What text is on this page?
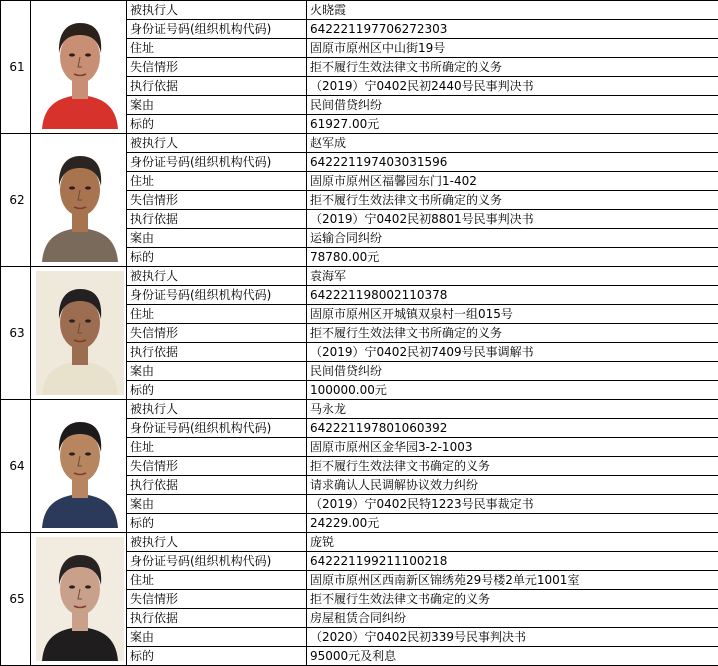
61		被执行人	火晓霞
		身份证号码(组织机构代码)	642221197706272303
		住址	固原市原州区中山街19号
		失信情形	拒不履行生效法律文书所确定的义务
		执行依据	（2019）宁0402民初2440号民事判决书
		案由	民间借贷纠纷
		标的	61927.00元
62		被执行人	赵军成
		身份证号码(组织机构代码)	642221197403031596
		住址	固原市原州区福馨园东门1-402
		失信情形	拒不履行生效法律文书所确定的义务
		执行依据	（2019）宁0402民初8801号民事判决书
		案由	运输合同纠纷
		标的	78780.00元
63		被执行人	袁海军
		身份证号码(组织机构代码)	642221198002110378
		住址	固原市原州区开城镇双泉村一组015号
		失信情形	拒不履行生效法律文书所确定的义务
		执行依据	（2019）宁0402民初7409号民事调解书
		案由	民间借贷纠纷
		标的	100000.00元
64		被执行人	马永龙
		身份证号码(组织机构代码)	642221197801060392
		住址	固原市原州区金华园3-2-1003
		失信情形	拒不履行生效法律文书确定的义务
		执行依据	请求确认人民调解协议效力纠纷
		案由	（2019）宁0402民特1223号民事裁定书
		标的	24229.00元
65		被执行人	庞锐
		身份证号码(组织机构代码)	642221199211100218
		住址	固原市原州区西南新区锦绣苑29号楼2单元1001室
		失信情形	拒不履行生效法律文书确定的义务
		执行依据	房屋租赁合同纠纷
		案由	（2020）宁0402民初339号民事判决书
		标的	95000元及利息
